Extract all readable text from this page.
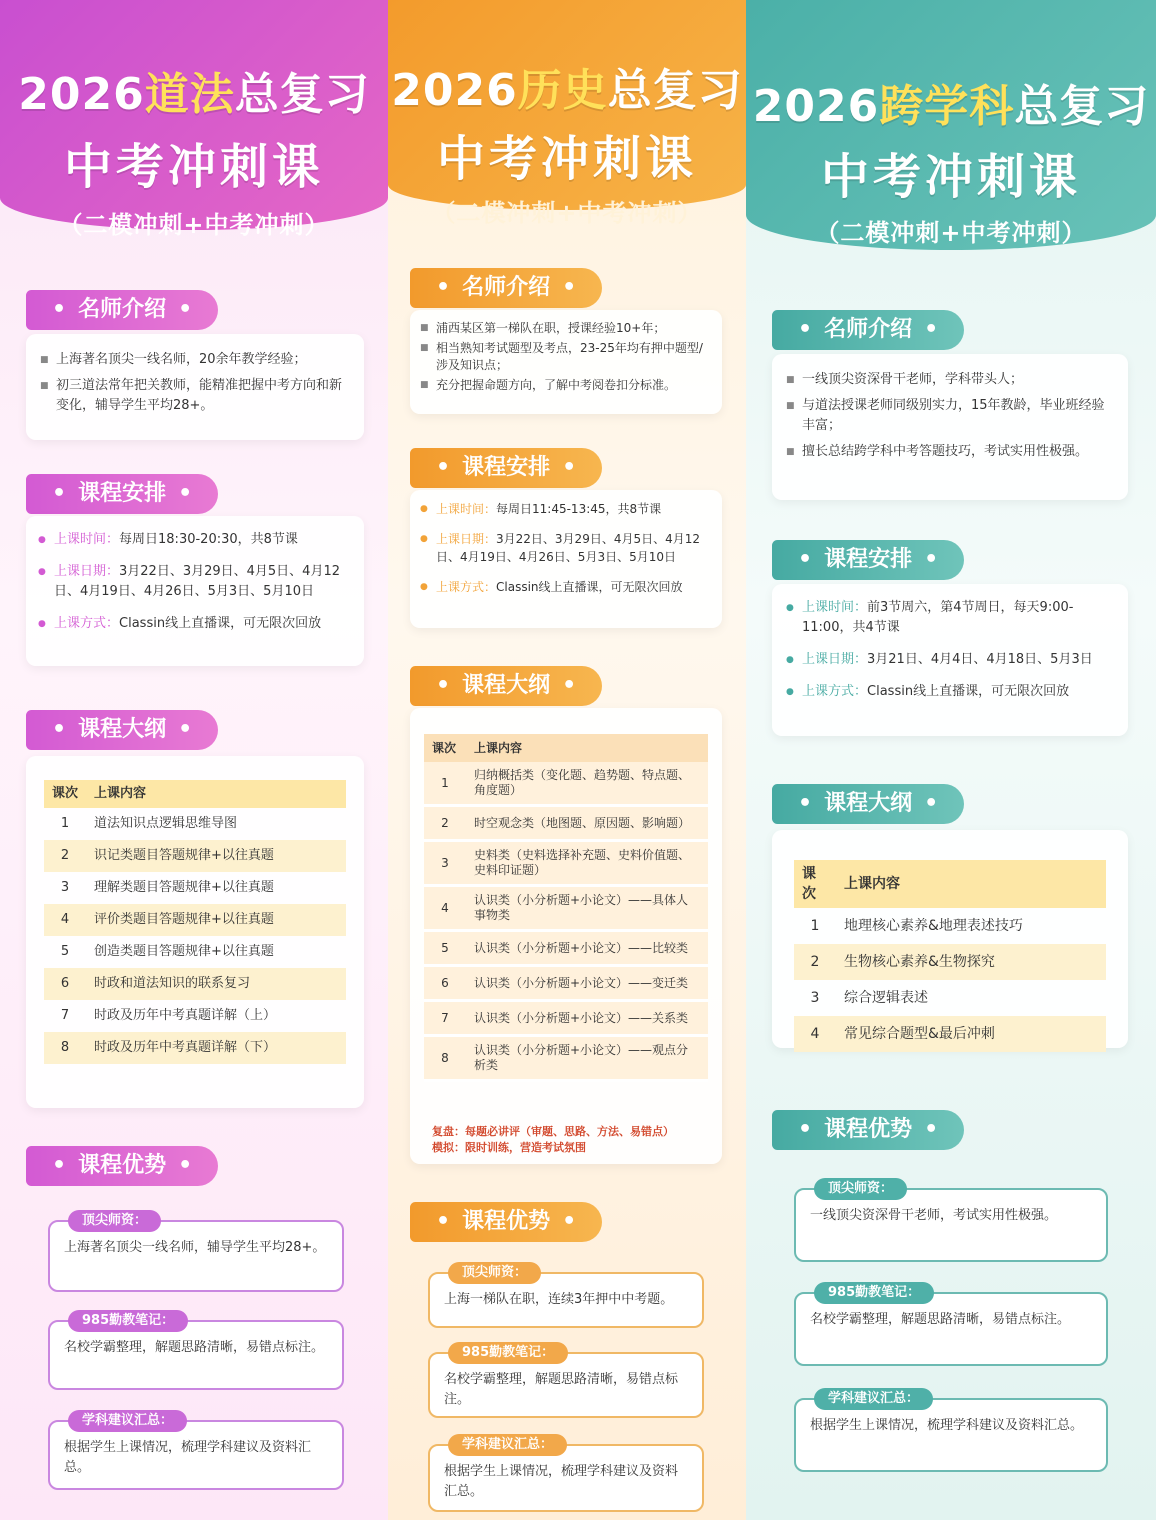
2026道法总复习
中考冲刺课
（二模冲刺+中考冲刺）
• 名师介绍 •
■ 上海著名顶尖一线名师，20余年教学经验；
■ 初三道法常年把关教师，能精准把握中考方向和新变化，辅导学生平均28+。
• 课程安排 •
● 上课时间：每周日18:30-20:30，共8节课
● 上课日期：3月22日、3月29日、4月5日、4月12日、4月19日、4月26日、5月3日、5月10日
● 上课方式：Classin线上直播课，可无限次回放
• 课程大纲 •
课次	上课内容
1	道法知识点逻辑思维导图
2	识记类题目答题规律+以往真题
3	理解类题目答题规律+以往真题
4	评价类题目答题规律+以往真题
5	创造类题目答题规律+以往真题
6	时政和道法知识的联系复习
7	时政及历年中考真题详解（上）
8	时政及历年中考真题详解（下）
• 课程优势 •
顶尖师资：
上海著名顶尖一线名师，辅导学生平均28+。
985勤教笔记：
名校学霸整理，解题思路清晰，易错点标注。
学科建议汇总：
根据学生上课情况，梳理学科建议及资料汇总。
2026历史总复习
中考冲刺课
（二模冲刺+中考冲刺）
• 名师介绍 •
■ 浦西某区第一梯队在职，授课经验10+年；
■ 相当熟知考试题型及考点，23-25年均有押中题型/涉及知识点；
■ 充分把握命题方向，了解中考阅卷扣分标准。
• 课程安排 •
● 上课时间：每周日11:45-13:45，共8节课
● 上课日期：3月22日、3月29日、4月5日、4月12日、4月19日、4月26日、5月3日、5月10日
● 上课方式：Classin线上直播课，可无限次回放
• 课程大纲 •
课次	上课内容
1	归纳概括类（变化题、趋势题、特点题、角度题）
2	时空观念类（地图题、原因题、影响题）
3	史料类（史料选择补充题、史料价值题、史料印证题）
4	认识类（小分析题+小论文）——具体人事物类
5	认识类（小分析题+小论文）——比较类
6	认识类（小分析题+小论文）——变迁类
7	认识类（小分析题+小论文）——关系类
8	认识类（小分析题+小论文）——观点分析类
复盘：每题必讲评（审题、思路、方法、易错点）
模拟：限时训练，营造考试氛围
• 课程优势 •
顶尖师资：
上海一梯队在职，连续3年押中中考题。
985勤教笔记：
名校学霸整理，解题思路清晰，易错点标注。
学科建议汇总：
根据学生上课情况，梳理学科建议及资料汇总。
2026跨学科总复习
中考冲刺课
（二模冲刺+中考冲刺）
• 名师介绍 •
■ 一线顶尖资深骨干老师，学科带头人；
■ 与道法授课老师同级别实力，15年教龄，毕业班经验丰富；
■ 擅长总结跨学科中考答题技巧，考试实用性极强。
• 课程安排 •
● 上课时间：前3节周六，第4节周日，每天9:00-11:00，共4节课
● 上课日期：3月21日、4月4日、4月18日、5月3日
● 上课方式：Classin线上直播课，可无限次回放
• 课程大纲 •
课次	上课内容
1	地理核心素养&地理表述技巧
2	生物核心素养&生物探究
3	综合逻辑表述
4	常见综合题型&最后冲刺
• 课程优势 •
顶尖师资：
一线顶尖资深骨干老师，考试实用性极强。
985勤教笔记：
名校学霸整理，解题思路清晰，易错点标注。
学科建议汇总：
根据学生上课情况，梳理学科建议及资料汇总。
